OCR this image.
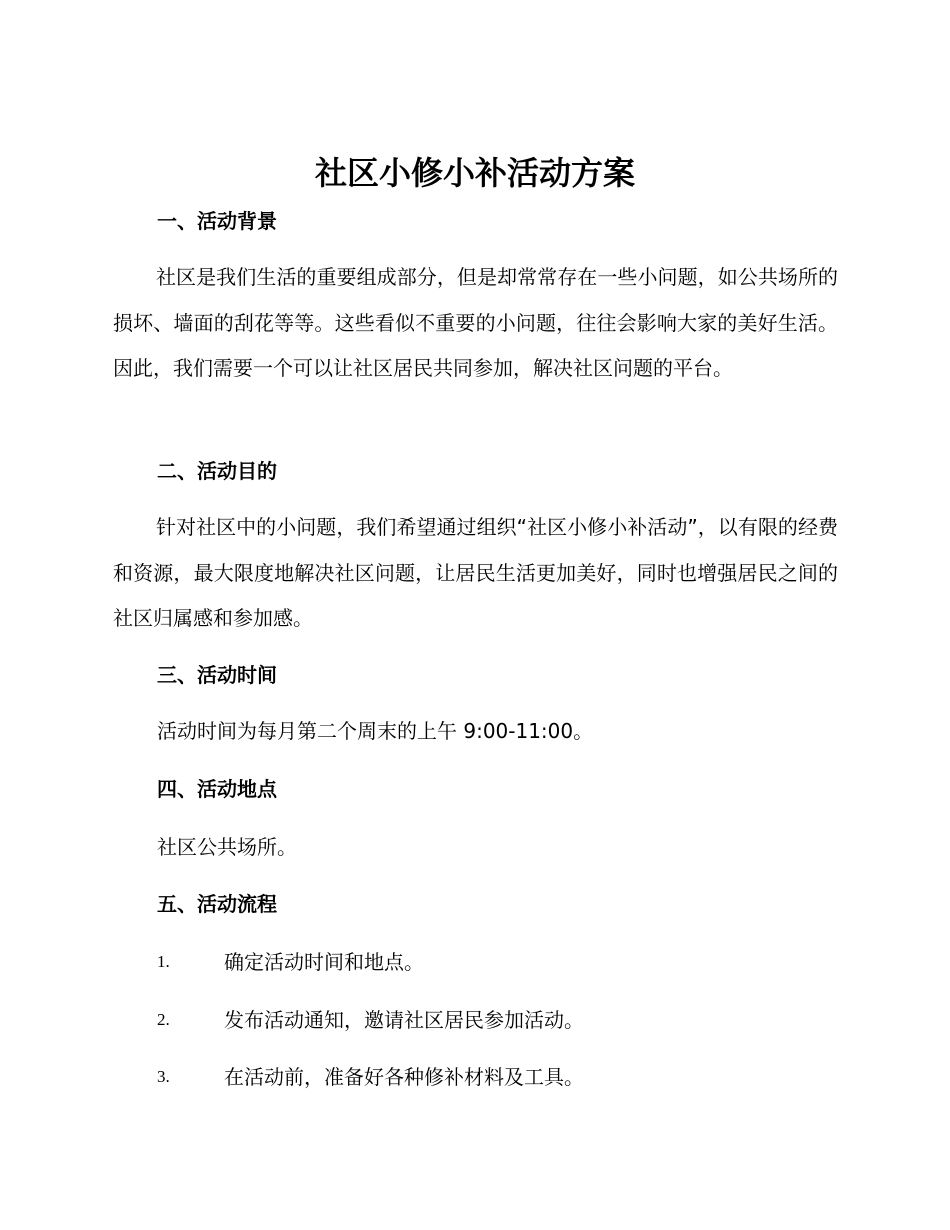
社区小修小补活动方案
一、活动背景

社区是我们生活的重要组成部分，但是却常常存在一些小问题，如公共场所的损坏、墙面的刮花等等。这些看似不重要的小问题，往往会影响大家的美好生活。因此，我们需要一个可以让社区居民共同参加，解决社区问题的平台。

二、活动目的

针对社区中的小问题，我们希望通过组织“社区小修小补活动”，以有限的经费和资源，最大限度地解决社区问题，让居民生活更加美好，同时也增强居民之间的社区归属感和参加感。

三、活动时间

活动时间为每月第二个周末的上午 9:00-11:00。

四、活动地点

社区公共场所。

五、活动流程
1.	确定活动时间和地点。
2.	发布活动通知，邀请社区居民参加活动。
3.	在活动前，准备好各种修补材料及工具。
